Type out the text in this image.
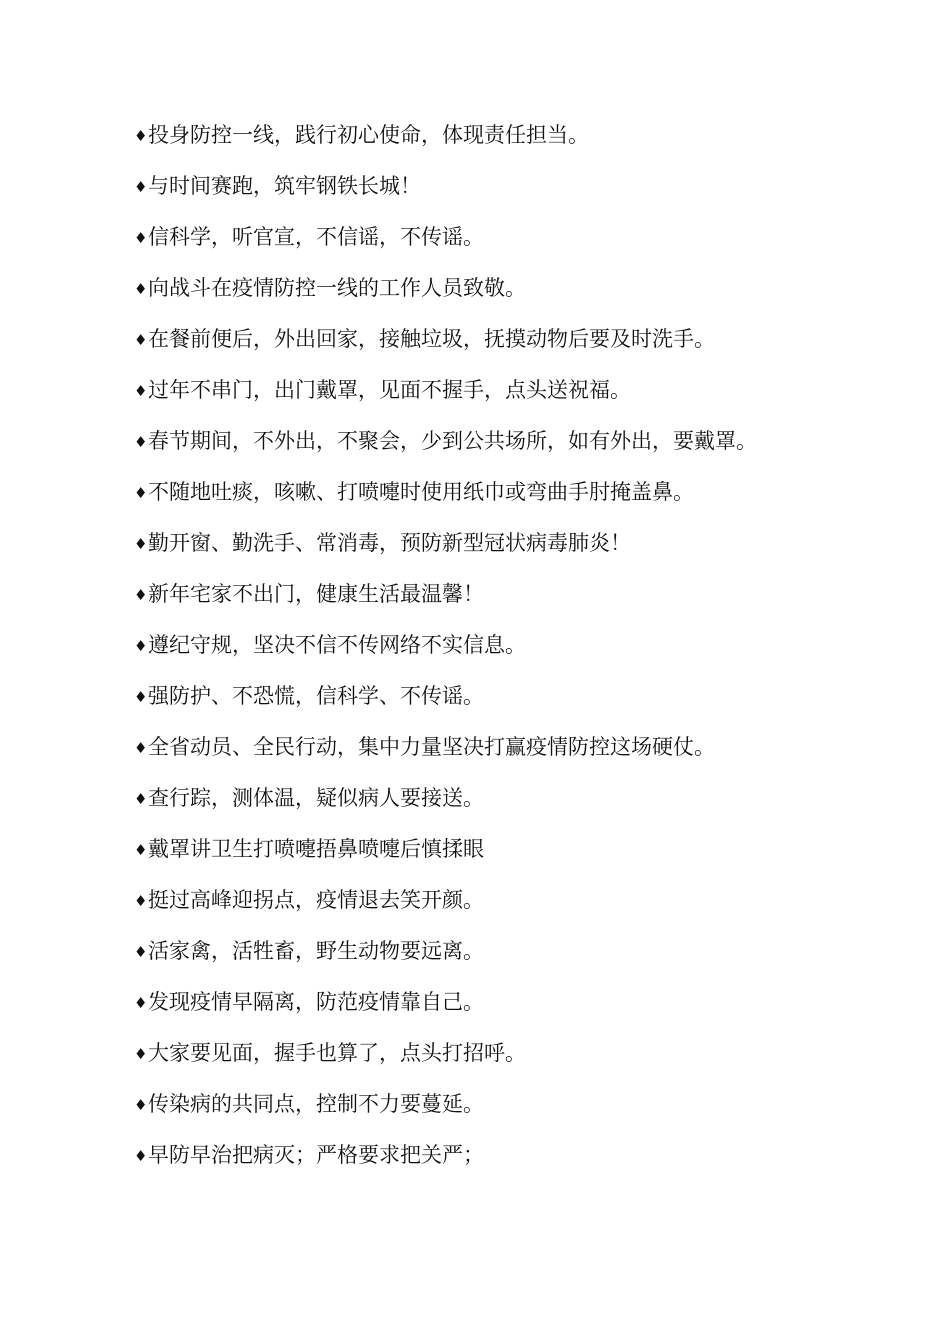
♦投身防控一线，践行初心使命，体现责任担当。

♦与时间赛跑，筑牢钢铁长城！

♦信科学，听官宣，不信谣，不传谣。

♦向战斗在疫情防控一线的工作人员致敬。

♦在餐前便后，外出回家，接触垃圾，抚摸动物后要及时洗手。

♦过年不串门，出门戴罩，见面不握手，点头送祝福。

♦春节期间，不外出，不聚会，少到公共场所，如有外出，要戴罩。

♦不随地吐痰，咳嗽、打喷嚏时使用纸巾或弯曲手肘掩盖鼻。

♦勤开窗、勤洗手、常消毒，预防新型冠状病毒肺炎！

♦新年宅家不出门，健康生活最温馨！

♦遵纪守规，坚决不信不传网络不实信息。

♦强防护、不恐慌，信科学、不传谣。

♦全省动员、全民行动，集中力量坚决打赢疫情防控这场硬仗。

♦查行踪，测体温，疑似病人要接送。

♦戴罩讲卫生打喷嚏捂鼻喷嚏后慎揉眼

♦挺过高峰迎拐点，疫情退去笑开颜。

♦活家禽，活牲畜，野生动物要远离。

♦发现疫情早隔离，防范疫情靠自己。

♦大家要见面，握手也算了，点头打招呼。

♦传染病的共同点，控制不力要蔓延。

♦早防早治把病灭；严格要求把关严；
